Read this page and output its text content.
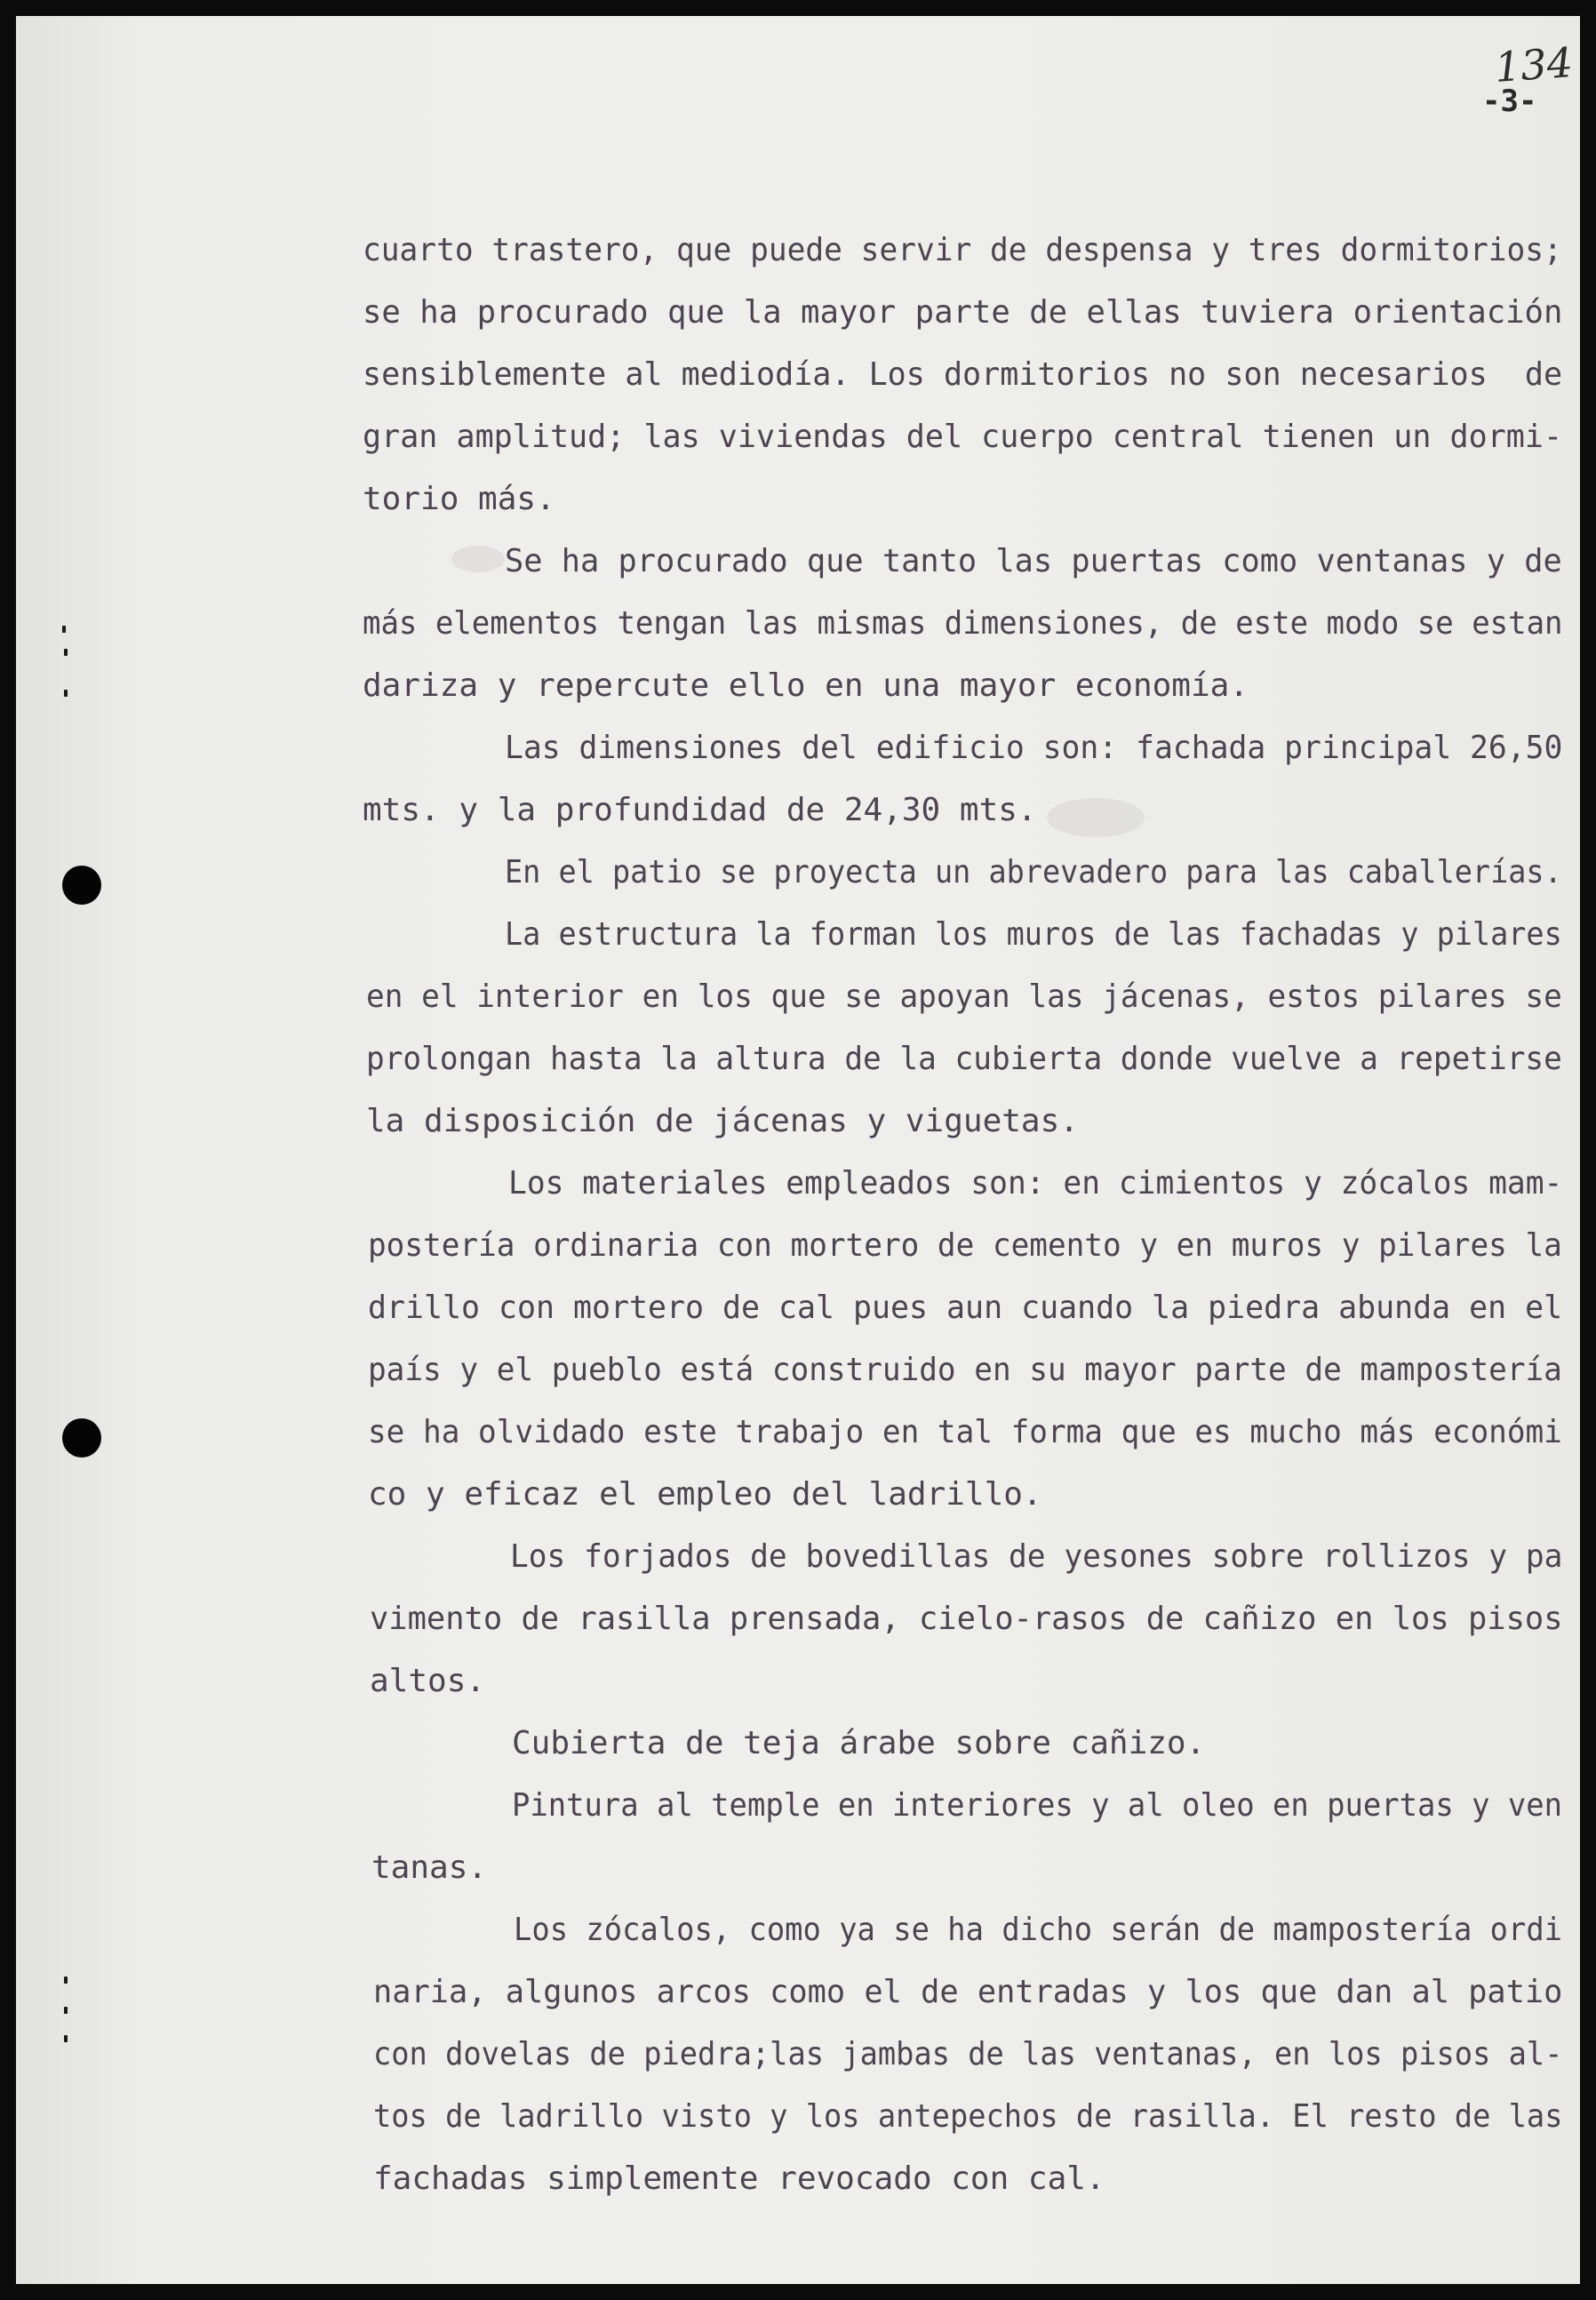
134
-3-
cuarto trastero, que puede servir de despensa y tres dormitorios;
se ha procurado que la mayor parte de ellas tuviera orientación
sensiblemente al mediodía. Los dormitorios no son necesarios  de
gran amplitud; las viviendas del cuerpo central tienen un dormi-
torio más.
Se ha procurado que tanto las puertas como ventanas y de
más elementos tengan las mismas dimensiones, de este modo se estan
dariza y repercute ello en una mayor economía.
Las dimensiones del edificio son: fachada principal 26,50
mts. y la profundidad de 24,30 mts.
En el patio se proyecta un abrevadero para las caballerías.
La estructura la forman los muros de las fachadas y pilares
en el interior en los que se apoyan las jácenas, estos pilares se
prolongan hasta la altura de la cubierta donde vuelve a repetirse
la disposición de jácenas y viguetas.
Los materiales empleados son: en cimientos y zócalos mam-
postería ordinaria con mortero de cemento y en muros y pilares la
drillo con mortero de cal pues aun cuando la piedra abunda en el
país y el pueblo está construido en su mayor parte de mampostería
se ha olvidado este trabajo en tal forma que es mucho más económi
co y eficaz el empleo del ladrillo.
Los forjados de bovedillas de yesones sobre rollizos y pa
vimento de rasilla prensada, cielo-rasos de cañizo en los pisos
altos.
Cubierta de teja árabe sobre cañizo.
Pintura al temple en interiores y al oleo en puertas y ven
tanas.
Los zócalos, como ya se ha dicho serán de mampostería ordi
naria, algunos arcos como el de entradas y los que dan al patio
con dovelas de piedra;las jambas de las ventanas, en los pisos al-
tos de ladrillo visto y los antepechos de rasilla. El resto de las
fachadas simplemente revocado con cal.
